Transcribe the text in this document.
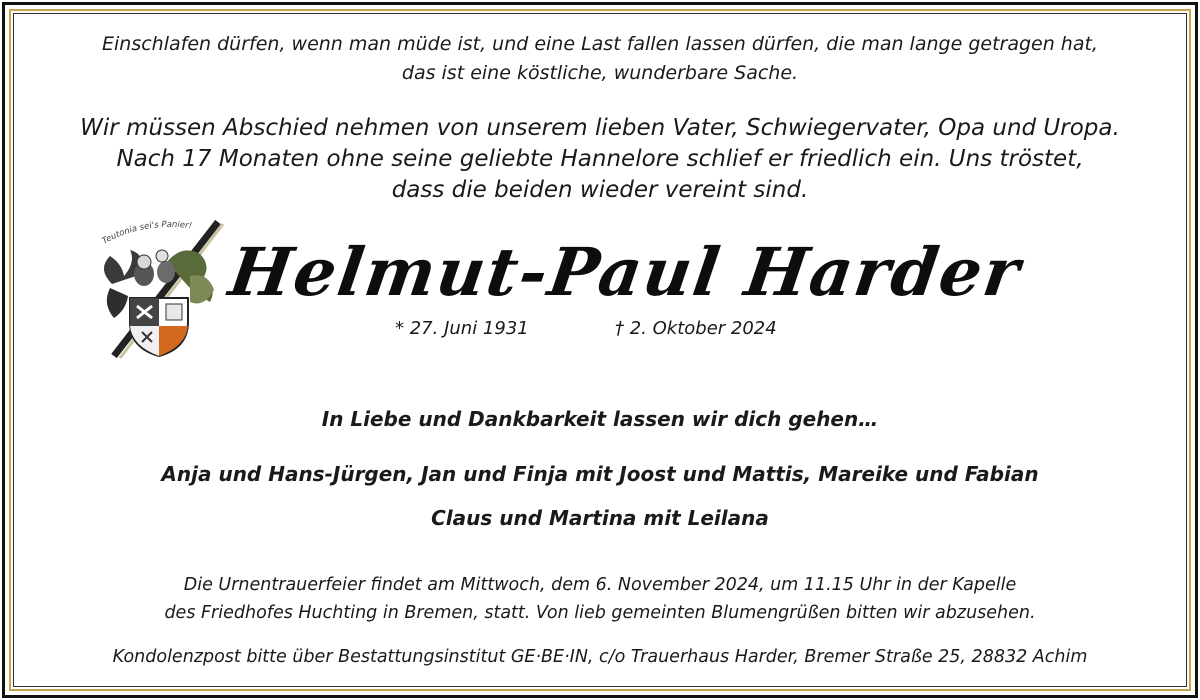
Einschlafen dürfen, wenn man müde ist, und eine Last fallen lassen dürfen, die man lange getragen hat,
das ist eine köstliche, wunderbare Sache.
Wir müssen Abschied nehmen von unserem lieben Vater, Schwiegervater, Opa und Uropa.
Nach 17 Monaten ohne seine geliebte Hannelore schlief er friedlich ein. Uns tröstet,
dass die beiden wieder vereint sind.
Teutonia sei's Panier!
Helmut-Paul Harder
* 27. Juni 1931	† 2. Oktober 2024
In Liebe und Dankbarkeit lassen wir dich gehen…
Anja und Hans-Jürgen, Jan und Finja mit Joost und Mattis, Mareike und Fabian
Claus und Martina mit Leilana
Die Urnentrauerfeier findet am Mittwoch, dem 6. November 2024, um 11.15 Uhr in der Kapelle
des Friedhofes Huchting in Bremen, statt. Von lieb gemeinten Blumengrüßen bitten wir abzusehen.
Kondolenzpost bitte über Bestattungsinstitut GE·BE·IN, c/o Trauerhaus Harder, Bremer Straße 25, 28832 Achim
